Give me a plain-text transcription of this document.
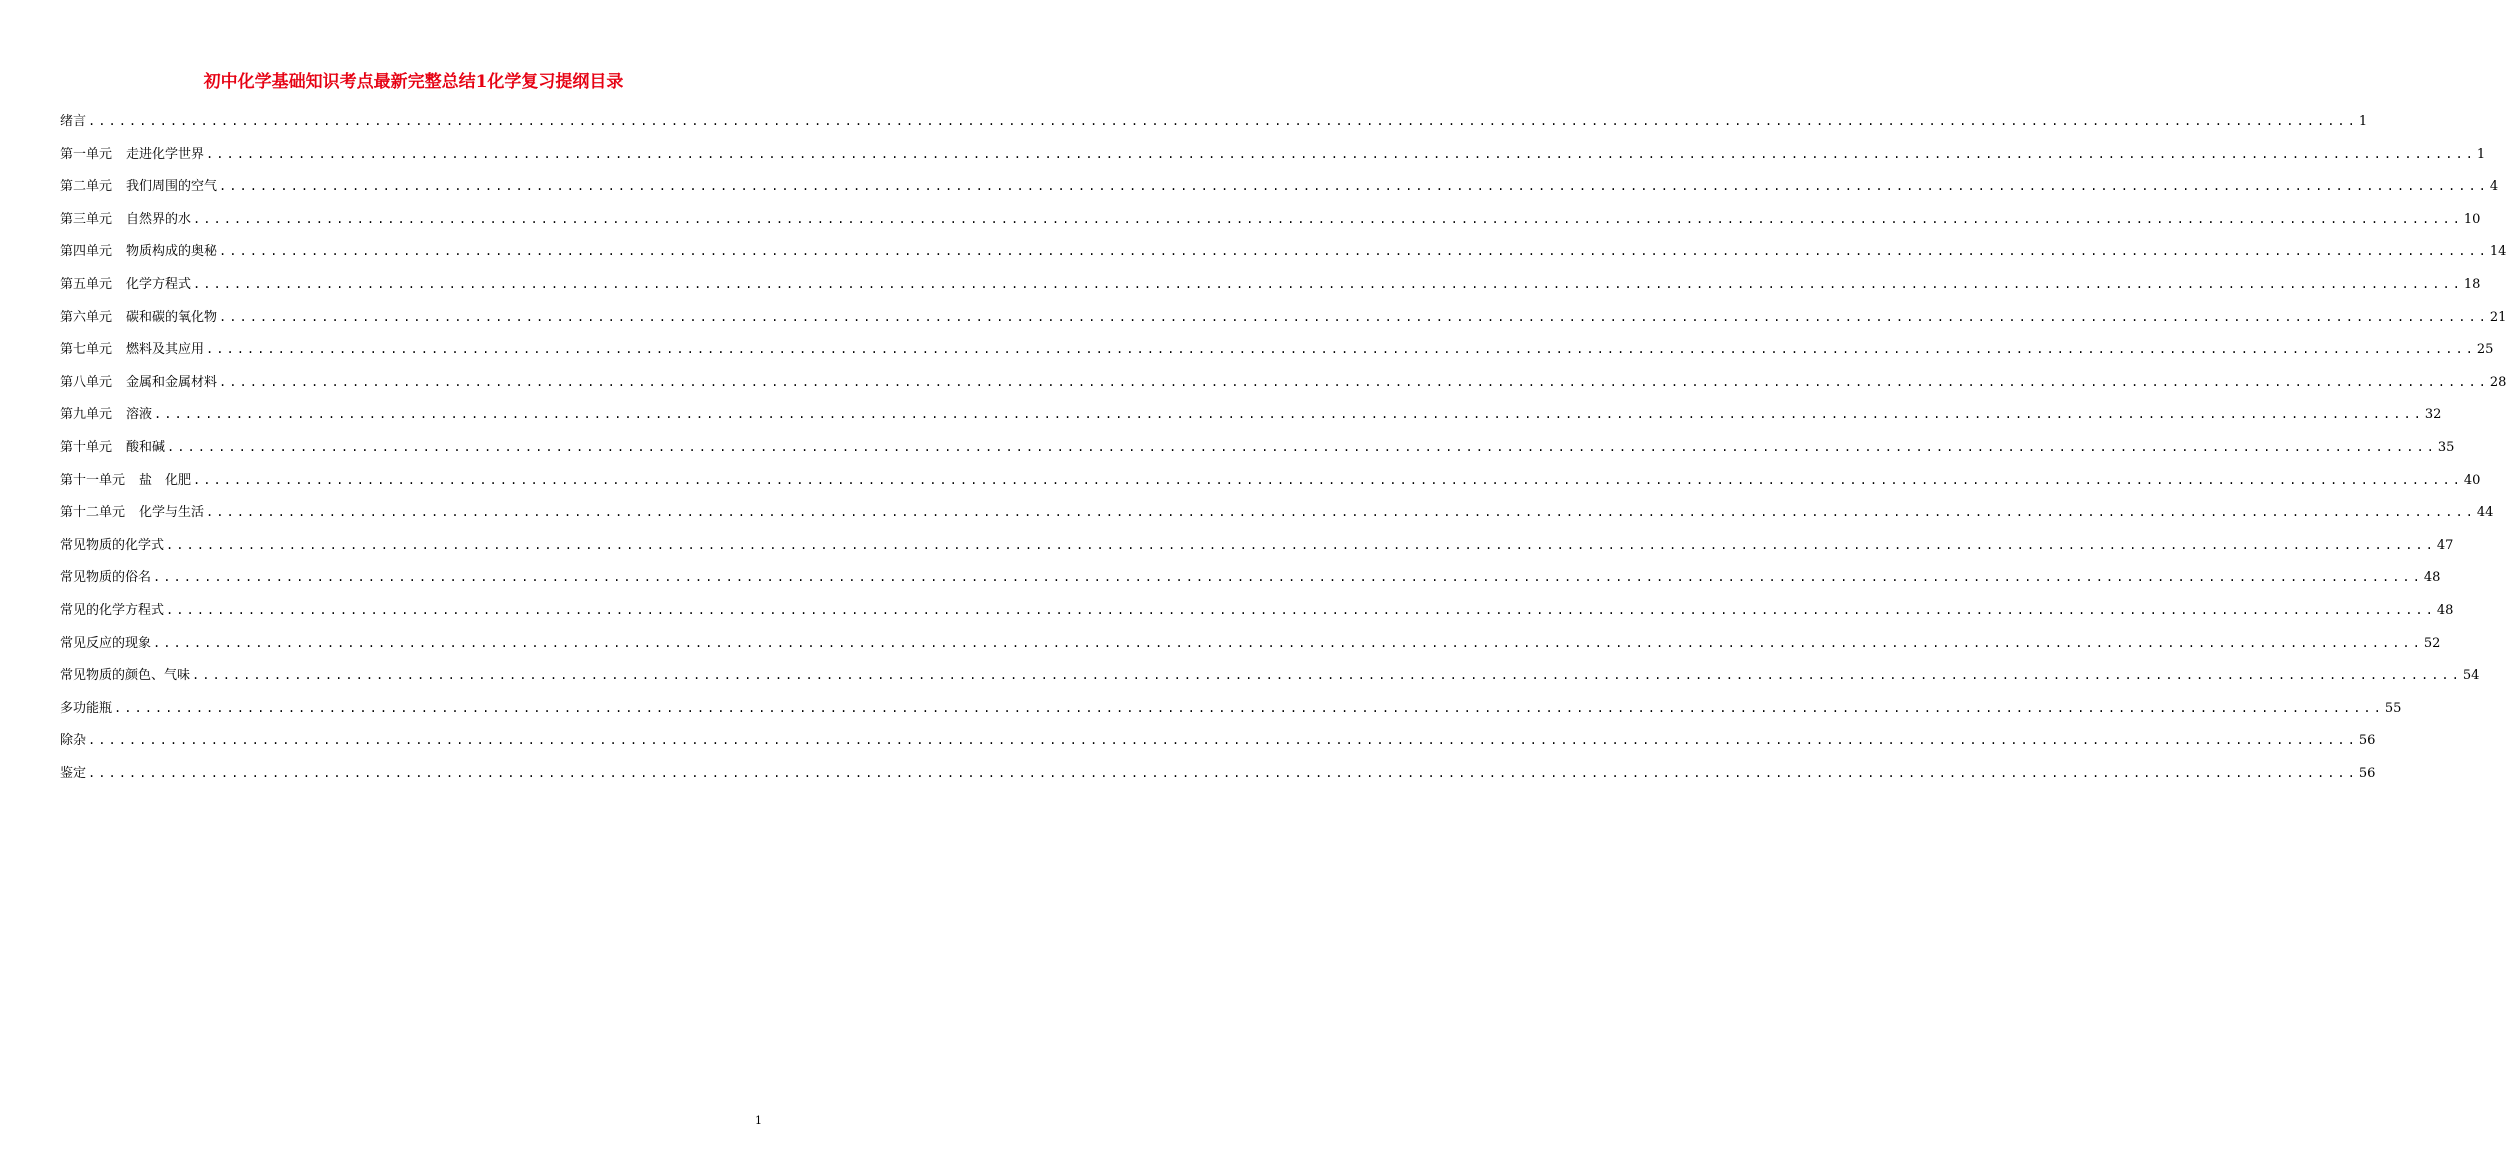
初中化学基础知识考点最新完整总结1化学复习提纲目录
绪言 .............................................................................................................................................................................................................................. 1
第一单元 走进化学世界 .............................................................................................................................................................................................................................. 1
第二单元 我们周围的空气 .............................................................................................................................................................................................................................. 4
第三单元 自然界的水 .............................................................................................................................................................................................................................. 10
第四单元 物质构成的奥秘 .............................................................................................................................................................................................................................. 14
第五单元 化学方程式 .............................................................................................................................................................................................................................. 18
第六单元 碳和碳的氧化物 .............................................................................................................................................................................................................................. 21
第七单元 燃料及其应用 .............................................................................................................................................................................................................................. 25
第八单元 金属和金属材料 .............................................................................................................................................................................................................................. 28
第九单元 溶液 .............................................................................................................................................................................................................................. 32
第十单元 酸和碱 .............................................................................................................................................................................................................................. 35
第十一单元 盐　化肥 .............................................................................................................................................................................................................................. 40
第十二单元 化学与生活 .............................................................................................................................................................................................................................. 44
常见物质的化学式 .............................................................................................................................................................................................................................. 47
常见物质的俗名 .............................................................................................................................................................................................................................. 48
常见的化学方程式 .............................................................................................................................................................................................................................. 48
常见反应的现象 .............................................................................................................................................................................................................................. 52
常见物质的颜色、气味 .............................................................................................................................................................................................................................. 54
多功能瓶 .............................................................................................................................................................................................................................. 55
除杂 .............................................................................................................................................................................................................................. 56
鉴定 .............................................................................................................................................................................................................................. 56
1
